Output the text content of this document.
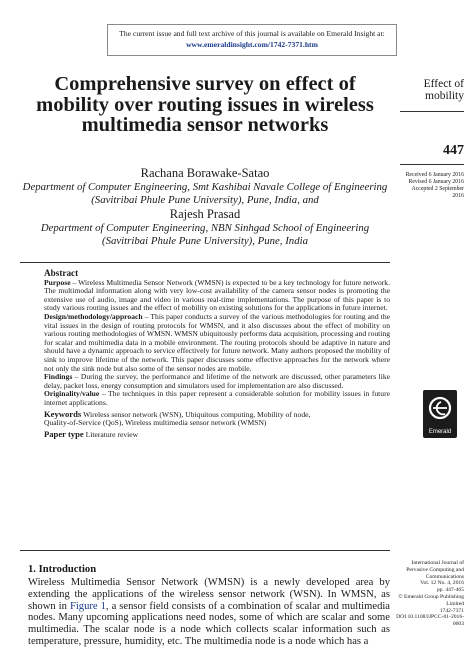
The current issue and full text archive of this journal is available on Emerald Insight at:
www.emeraldinsight.com/1742-7371.htm
Comprehensive survey on effect of mobility over routing issues in wireless multimedia sensor networks
Effect of mobility
447
Received 6 January 2016
Revised 6 January 2016
Accepted 2 September 2016
Rachana Borawake-Satao
Department of Computer Engineering, Smt Kashibai Navale College of Engineering (Savitribai Phule Pune University), Pune, India, and
Rajesh Prasad
Department of Computer Engineering, NBN Sinhgad School of Engineering (Savitribai Phule Pune University), Pune, India

Abstract

Purpose – Wireless Multimedia Sensor Network (WMSN) is expected to be a key technology for future network. The multimodal information along with very low-cost availability of the camera sensor nodes is promoting the extensive use of audio, image and video in various real-time implementations. The purpose of this paper is to study various routing issues and the effect of mobility on existing solutions for the applications in future internet.

Design/methodology/approach – This paper conducts a survey of the various methodologies for routing and the vital issues in the design of routing protocols for WMSN, and it also discusses about the effect of mobility on various routing methodologies of WMSN. WMSN ubiquitously performs data acquisition, processing and routing for scalar and multimedia data in a mobile environment. The routing protocols should be adaptive in nature and should have a dynamic approach to service effectively for future network. Many authors proposed the mobility of sink to improve lifetime of the network. This paper discusses some effective approaches for the network where not only the sink node but also some of the sensor nodes are mobile.

Findings – During the survey, the performance and lifetime of the network are discussed, other parameters like delay, packet loss, energy consumption and simulators used for implementation are also discussed.

Originality/value – The techniques in this paper represent a considerable solution for mobility issues in future internet applications.

Keywords Wireless sensor network (WSN), Ubiquitous computing, Mobility of node,
Quality-of-Service (QoS), Wireless multimedia sensor network (WMSN)

Paper type Literature review	Emerald
1. Introduction
Wireless Multimedia Sensor Network (WMSN) is a newly developed area by extending the applications of the wireless sensor network (WSN). In WMSN, as shown in Figure 1, a sensor field consists of a combination of scalar and multimedia nodes. Many upcoming applications need nodes, some of which are scalar and some multimedia. The scalar node is a node which collects scalar information such as temperature, pressure, humidity, etc. The multimedia node is a node which has a
International Journal of Pervasive Computing and Communications
Vol. 12 No. 4, 2016
pp. 447-465
© Emerald Group Publishing Limited
1742-7371
DOI 10.1108/IJPCC-01-2016-0003
